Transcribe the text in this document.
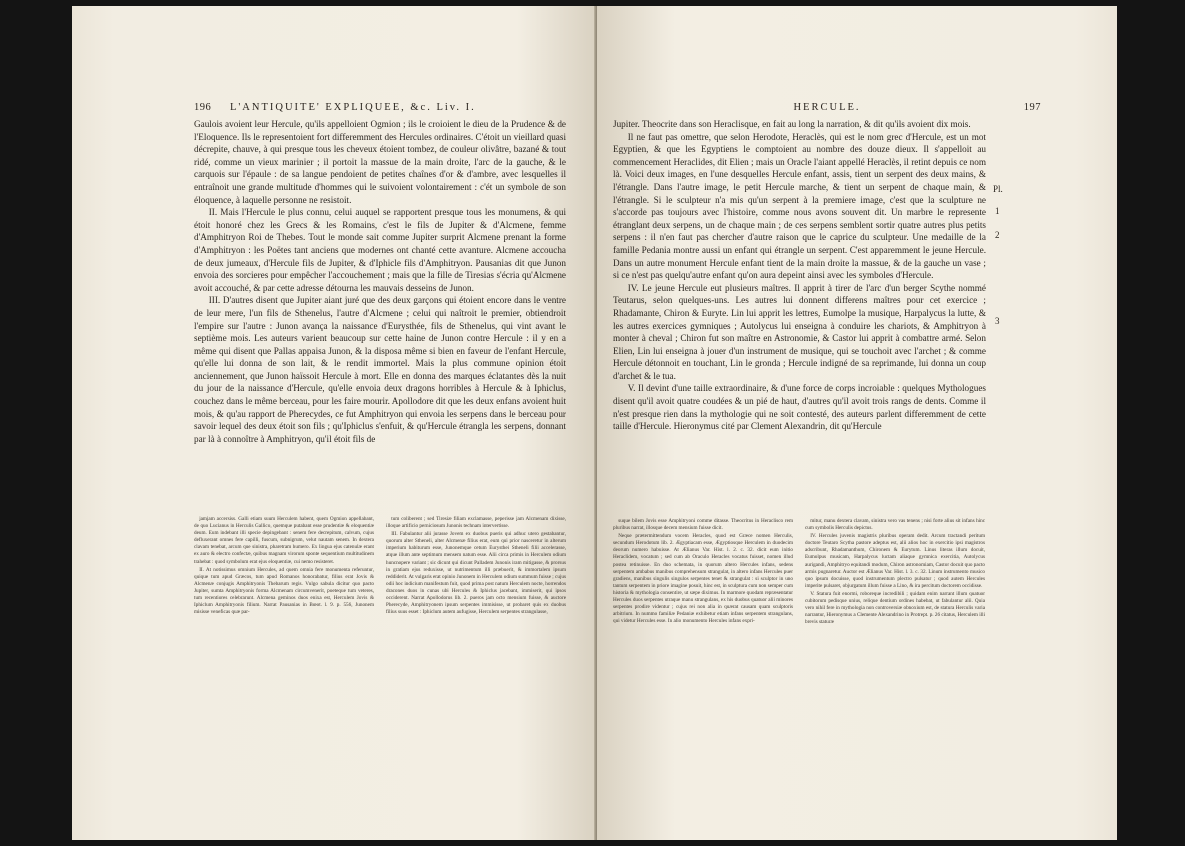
196 L'ANTIQUITE' EXPLIQUEE, &c. Liv. I.

Gaulois avoient leur Hercule, qu'ils appelloient Ogmion ; ils le croioient le dieu de la Prudence & de l'Eloquence. Ils le representoient fort differemment des Hercules ordinaires. C'étoit un vieillard quasi décrepite, chauve, à qui presque tous les cheveux étoient tombez, de couleur olivâtre, bazané & tout ridé, comme un vieux marinier ; il portoit la massue de la main droite, l'arc de la gauche, & le carquois sur l'épaule : de sa langue pendoient de petites chaînes d'or & d'ambre, avec lesquelles il entraînoit une grande multitude d'hommes qui le suivoient volontairement : c'ét un symbole de son éloquence, à laquelle personne ne resistoit.

II. Mais l'Hercule le plus connu, celui auquel se rapportent presque tous les monumens, & qui étoit honoré chez les Grecs & les Romains, c'est le fils de Jupiter & d'Alcmene, femme d'Amphitryon Roi de Thebes. Tout le monde sait comme Jupiter surprit Alcmene prenant la forme d'Amphitryon : les Poëtes tant anciens que modernes ont chanté cette avanture. Alcmene accoucha de deux jumeaux, d'Hercule fils de Jupiter, & d'Iphicle fils d'Amphitryon. Pausanias dit que Junon envoia des sorcieres pour empêcher l'accouchement ; mais que la fille de Tiresias s'écria qu'Alcmene avoit accouché, & par cette adresse détourna les mauvais desseins de Junon.

III. D'autres disent que Jupiter aiant juré que des deux garçons qui étoient encore dans le ventre de leur mere, l'un fils de Sthenelus, l'autre d'Alcmene ; celui qui naîtroit le premier, obtiendroit l'empire sur l'autre : Junon avança la naissance d'Eurysthée, fils de Sthenelus, qui vint avant le septième mois. Les auteurs varient beaucoup sur cette haine de Junon contre Hercule : il y en a même qui disent que Pallas appaisa Junon, & la disposa même si bien en faveur de l'enfant Hercule, qu'elle lui donna de son lait, & le rendit immortel. Mais la plus commune opinion étoit anciennement, que Junon haïssoit Hercule à mort. Elle en donna des marques éclatantes dès la nuit du jour de la naissance d'Hercule, qu'elle envoia deux dragons horribles à Hercule & à Iphiclus, couchez dans le même berceau, pour les faire mourir. Apollodore dit que les deux enfans avoient huit mois, & qu'au rapport de Pherecydes, ce fut Amphitryon qui envoia les serpens dans le berceau pour savoir lequel des deux étoit son fils ; qu'Iphiclus s'enfuit, & qu'Hercule étrangla les serpens, donnant par là à connoître à Amphitryon, qu'il étoit fils de

jamjam accersiss. Galli etiam suum Herculem habent, quem Ogmion appellabant, de quo Lucianus in Herculis Gallico, quemque putabant esse prudentiæ & eloquentiæ deum. Eum indebant illi specie depingebant : senem fere decrepitum, calvum, cujus defluxerant omnes fere capilli, fuscum, subnigrum, velut nautam senem. In dextera clavam tenebat, arcum que sinistra, pharetram humero. Ex lingua ejus catenulæ erant ex auro & electro confectæ, quibus magnam virorum sponte sequentium multitudinem trahebat : quod symbolum erat ejus eloquentiæ, cui nemo resisteret.

II. At notissimus omnium Hercules, ad quem omnia fere monumenta referuntur, quique tum apud Græcos, tum apud Romanos honorabatur, filius erat Jovis & Alcmenæ conjugis Amphitryonis Thebarum regis. Vulgo sabula dicitur quo pacto Jupiter, sumta Amphitryonis forma Alcmenam circumvenerit, poeteque tum veteres, tum recentiores celebrarunt. Alcmena geminos duos enixa est, Herculem Jovis & Iphiclum Amphitryonis filium. Narrat Pausanias in Bœot. l. 9. p. 556, Junonem misisse veneficas quæ par-

tum coliberent ; sed Tiresiæ filiam exclamasse, peperisse jam Alcmenam dixisse, illoque artificio perniciosum Junonis technam intervertisse.

III. Fabulantur alii jurasse Jovem ex duobus pueris qui adhuc utero gestabantur, quorum alter Stheneli, alter Alcmenæ filius erat, eum qui prior nasceretur in alterum imperium habiturum esse, Junonemque cetum Eurysthei Stheneli filii accelerasse, atque illum ante septimum mensem natum esse. Alii circa primis in Herculem odium huncnopere variant ; sic dicunt qui dicunt Palladem Junonis iram mitigasse, & prorsus in gratiam ejus reduxisse, ut nutrimentum illi præbuerit, & immortalem ipsum reddiderit. At vulgaris erat opinio Junonem in Herculem odium summum fuisse ; cujus odii hoc indicium manifestum fuit, quod prima post natum Herculem nocte, horrendos dracones duos in cunas ubi Hercules & Iphiclus jacebant, immiserit, qui ipsos occiderent. Narrat Apollodorus lib. 2. pueros jam octo mensium fuisse, & auctore Pherecyde, Amphitryonem ipsum serpentes immisisse, ut probaret quis ex duobus filius suus esset : Iphiclum autem aufugisse, Herculem serpentes strangulasse,

HERCULE.	197
Pl.
1
2
3

Jupiter. Theocrite dans son Heraclisque, en fait au long la narration, & dit qu'ils avoient dix mois.

Il ne faut pas omettre, que selon Herodote, Heraclès, qui est le nom grec d'Hercule, est un mot Egyptien, & que les Egyptiens le comptoient au nombre des douze dieux. Il s'appelloit au commencement Heraclides, dit Elien ; mais un Oracle l'aiant appellé Heraclès, il retint depuis ce nom là. Voici deux images, en l'une desquelles Hercule enfant, assis, tient un serpent des deux mains, & l'étrangle. Dans l'autre image, le petit Hercule marche, & tient un serpent de chaque main, & l'étrangle. Si le sculpteur n'a mis qu'un serpent à la premiere image, c'est que la sculpture ne s'accorde pas toujours avec l'histoire, comme nous avons souvent dit. Un marbre le represente étranglant deux serpens, un de chaque main ; de ces serpens semblent sortir quatre autres plus petits serpens : il n'en faut pas chercher d'autre raison que le caprice du sculpteur. Une medaille de la famille Pedania montre aussi un enfant qui étrangle un serpent. C'est apparemment le jeune Hercule. Dans un autre monument Hercule enfant tient de la main droite la massue, & de la gauche un vase ; si ce n'est pas quelqu'autre enfant qu'on aura depeint ainsi avec les symboles d'Hercule.

IV. Le jeune Hercule eut plusieurs maîtres. Il apprit à tirer de l'arc d'un berger Scythe nommé Teutarus, selon quelques-uns. Les autres lui donnent differens maîtres pour cet exercice ; Rhadamante, Chiron & Euryte. Lin lui apprit les lettres, Eumolpe la musique, Harpalycus la lutte, & les autres exercices gymniques ; Autolycus lui enseigna à conduire les chariots, & Amphitryon à monter à cheval ; Chiron fut son maître en Astronomie, & Castor lui apprit à combattre armé. Selon Elien, Lin lui enseigna à jouer d'un instrument de musique, qui se touchoit avec l'archet ; & comme Hercule détonnoit en touchant, Lin le gronda ; Hercule indigné de sa reprimande, lui donna un coup d'archet & le tua.

V. Il devint d'une taille extraordinaire, & d'une force de corps incroiable : quelques Mythologues disent qu'il avoit quatre coudées & un pié de haut, d'autres qu'il avoit trois rangs de dents. Comme il n'est presque rien dans la mythologie qui ne soit contesté, des auteurs parlent differemment de cette taille d'Hercule. Hieronymus cité par Clement Alexandrin, dit qu'Hercule

suque bilem Jovis esse Amphitryoni comme ditasse. Theocritus in Heraclisco rem pluribus narrat, illosque decem mensium fuisse dicit.

Neque prætermittendum vocem Heracles, quod est Græce nomen Herculis, secundum Herodotum lib. 2. Ægyptiacam esse, Ægyptiosque Herculem in duodecim deorum numero habuisse. At Ælianus Var. Hist. l. 2. c. 32. dicit eum initio Heraclidem, vocatum ; sed cum ab Oraculo Heracles vocatus fuisset, nomen illud postea retinuisse. En duo schemata, in quorum altero Hercules infans, sedens serpentem ambabus manibus comprehensum strangulat, in altero infans Hercules puer gradiens, manibus singulis singulos serpentes tenet & strangulat : si sculptor in uno tantum serpentem in priore imagine posuit, hinc est, in sculptura cum non semper cum historia & mythologia consentire, ut sæpe diximus. In marmore quodam repræsentatur Hercules duos serpentes utraque manu strangulans, ex his duobus quatuor alii minores serpentes prodire videntur ; cujus rei non alia in quærat causam quam sculptoris arbitrium. In nummo familiæ Pedaniæ exhibetur etiam infans serpentem strangulans, qui videtur Hercules esse. In alio monumento Hercules infans expri-

mitur, manu dextera clavam, sinistra vero vas tenens ; nisi forte alius sit infans hinc cum symbolis Herculis depictus.

IV. Hercules juvenis magistris pluribus operam dedit. Arcum tractandi peritum doctore Teutaro Scytha pastore adeptus est, alii alios hoc in exercitio ipsi magistros adscribunt, Rhadamanthum, Chironem & Eurytum. Linus literas illum docuit, Eumolpus musicam, Harpalycus luctam aliaque gymnica exercitia, Autolycus aurigandi, Amphitryo equitandi modum, Chiron astronomiam, Castor docuit quo pacto armis pugnaretur. Auctor est Ælianus Var. Hist. l. 3. c. 32. Linum instrumento musico quo ipsum docuisse, quod instrumentum plectro pulsatur ; quod autem Hercules imperite pulsaret, objurgatum illum fuisse a Lino, & ira percitum doctorem occidisse.

V. Statura fuit enormi, roboreque incredibili ; quidam enim narrant illum quatuor cubitorum pedisque unius, relique dentium ordines habebat, ut fabulantur alii. Quia vero nihil fere in mythologia non controversiæ obnoxium est, de statura Herculis varia narrantur, Hieronymus a Clemente Alexandrino in Protrept. p. 26 citatus, Herculem illi brevis staturæ
